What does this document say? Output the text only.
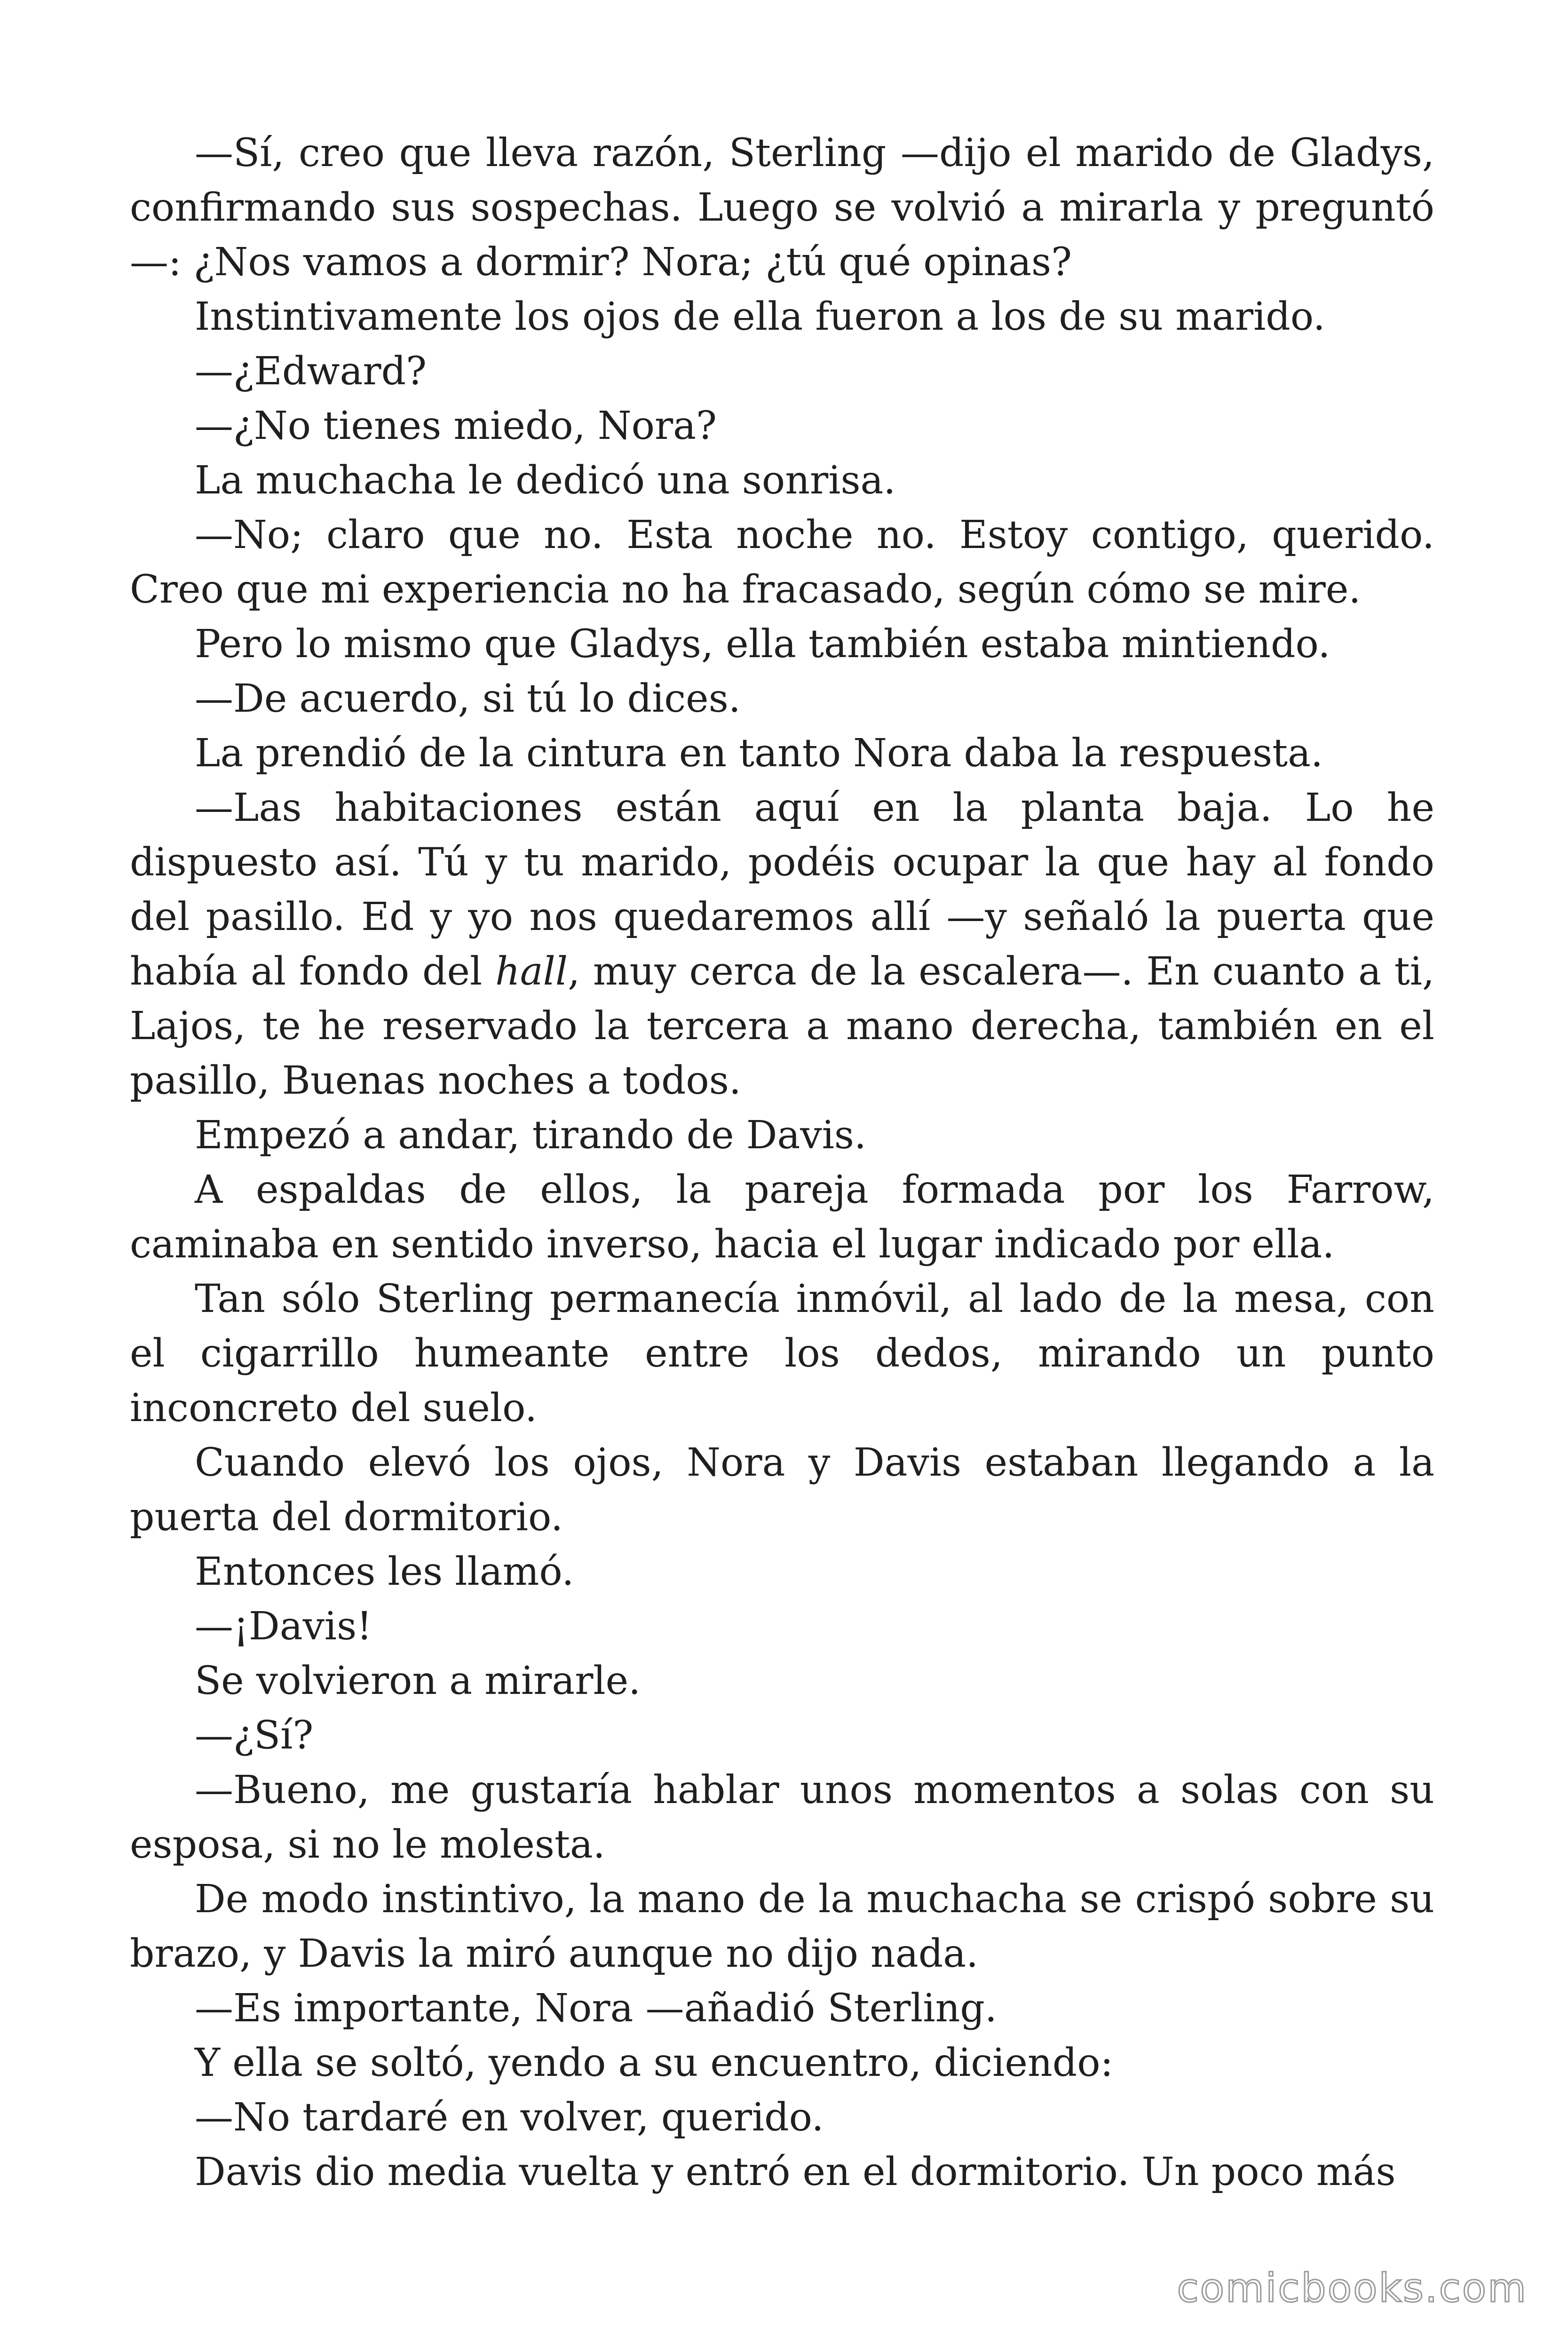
—Sí, creo que lleva razón, Sterling —dijo el marido de Gladys, confirmando sus sospechas. Luego se volvió a mirarla y preguntó—: ¿Nos vamos a dormir? Nora; ¿tú qué opinas?

Instintivamente los ojos de ella fueron a los de su marido.

—¿Edward?

—¿No tienes miedo, Nora?

La muchacha le dedicó una sonrisa.

—No; claro que no. Esta noche no. Estoy contigo, querido. Creo que mi experiencia no ha fracasado, según cómo se mire.

Pero lo mismo que Gladys, ella también estaba mintiendo.

—De acuerdo, si tú lo dices.

La prendió de la cintura en tanto Nora daba la respuesta.

—Las habitaciones están aquí en la planta baja. Lo he dispuesto así. Tú y tu marido, podéis ocupar la que hay al fondo del pasillo. Ed y yo nos quedaremos allí —y señaló la puerta que había al fondo del hall, muy cerca de la escalera—. En cuanto a ti, Lajos, te he reservado la tercera a mano derecha, también en el pasillo, Buenas noches a todos.

Empezó a andar, tirando de Davis.

A espaldas de ellos, la pareja formada por los Farrow, caminaba en sentido inverso, hacia el lugar indicado por ella.

Tan sólo Sterling permanecía inmóvil, al lado de la mesa, con el cigarrillo humeante entre los dedos, mirando un punto inconcreto del suelo.

Cuando elevó los ojos, Nora y Davis estaban llegando a la puerta del dormitorio.

Entonces les llamó.

—¡Davis!

Se volvieron a mirarle.

—¿Sí?

—Bueno, me gustaría hablar unos momentos a solas con su esposa, si no le molesta.

De modo instintivo, la mano de la muchacha se crispó sobre su brazo, y Davis la miró aunque no dijo nada.

—Es importante, Nora —añadió Sterling.

Y ella se soltó, yendo a su encuentro, diciendo:

—No tardaré en volver, querido.

Davis dio media vuelta y entró en el dormitorio. Un poco más

comicbooks.com
